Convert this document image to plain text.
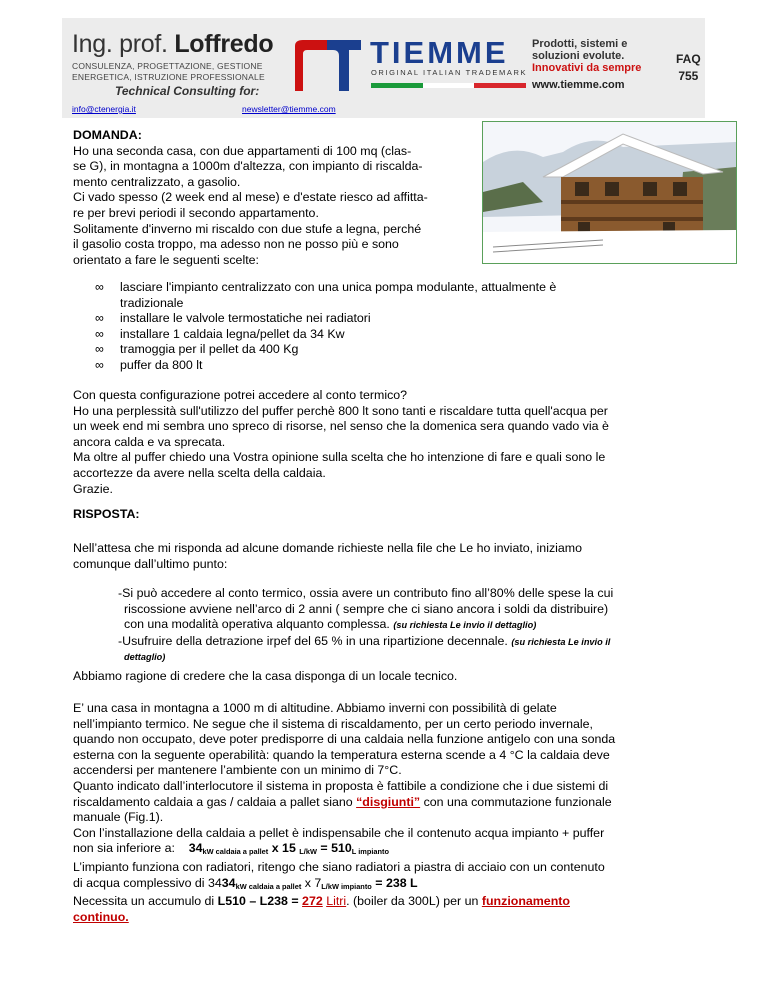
Ing. prof. Loffredo
CONSULENZA, PROGETTAZIONE, GESTIONE
ENERGETICA, ISTRUZIONE PROFESSIONALE
Technical Consulting for:
info@ctenergia.it	newsletter@tiemme.com
TIEMME
ORIGINAL ITALIAN TRADEMARK
Prodotti, sistemi e
soluzioni evolute.
Innovativi da sempre
www.tiemme.com
FAQ
755
DOMANDA:
Ho una seconda casa, con due appartamenti di 100 mq (clas-
se G), in montagna a 1000m d'altezza, con impianto di riscalda-
mento centralizzato, a gasolio.
Ci vado spesso (2 week end al mese) e d'estate riesco ad affitta-
re per brevi periodi il secondo appartamento.
Solitamente d'inverno mi riscaldo con due stufe a legna, perché
il gasolio costa troppo, ma adesso non ne posso più e sono
orientato a fare le seguenti scelte:
∞ lasciare l'impianto centralizzato con una unica pompa modulante, attualmente è
tradizionale
∞ installare le valvole termostatiche nei radiatori
∞ installare 1 caldaia legna/pellet da 34 Kw
∞ tramoggia per il pellet da 400 Kg
∞ puffer da 800 lt
Con questa configurazione potrei accedere al conto termico?
Ho una perplessità sull'utilizzo del puffer perchè 800 lt sono tanti e riscaldare tutta quell'acqua per
un week end mi sembra uno spreco di risorse, nel senso che la domenica sera quando vado via è
ancora calda e va sprecata.
Ma oltre al puffer chiedo una Vostra opinione sulla scelta che ho intenzione di fare e quali sono le
accortezze da avere nella scelta della caldaia.
Grazie.
RISPOSTA:
Nell’attesa che mi risponda ad alcune domande richieste nella file che Le ho inviato, iniziamo
comunque dall’ultimo punto:
-Si può accedere al conto termico, ossia avere un contributo fino all’80% delle spese la cui
riscossione avviene nell’arco di 2 anni ( sempre che ci siano ancora i soldi da distribuire)
con una modalità operativa alquanto complessa. (su richiesta Le invio il dettaglio)
-Usufruire della detrazione irpef del 65 % in una ripartizione decennale. (su richiesta Le invio il
dettaglio)
Abbiamo ragione di credere che la casa disponga di un locale tecnico.
E’ una casa in montagna a 1000 m di altitudine. Abbiamo inverni con possibilità di gelate
nell’impianto termico. Ne segue che il sistema di riscaldamento, per un certo periodo invernale,
quando non occupato, deve poter predisporre di una caldaia nella funzione antigelo con una sonda
esterna con la seguente operabilità: quando la temperatura esterna scende a 4 °C la caldaia deve
accendersi per mantenere l’ambiente con un minimo di 7°C.
Quanto indicato dall’interlocutore il sistema in proposta è fattibile a condizione che i due sistemi di
riscaldamento caldaia a gas / caldaia a pallet siano “disgiunti” con una commutazione funzionale
manuale (Fig.1).
Con l’installazione della caldaia a pellet è indispensabile che il contenuto acqua impianto + puffer
non sia inferiore a: $34_{kW caldaia a pallet}$ x 15 $_{L/kW} = 510_{L impianto}$
L’impianto funziona con radiatori, ritengo che siano radiatori a piastra di acciaio con un contenuto
di acqua complessivo di $3434_{kW caldaia a pallet}$ x $7_{L/kW impianto} = 238$ L
Necessita un accumulo di L510 – L238 = 272 Litri. (boiler da 300L) per un funzionamento
continuo.
